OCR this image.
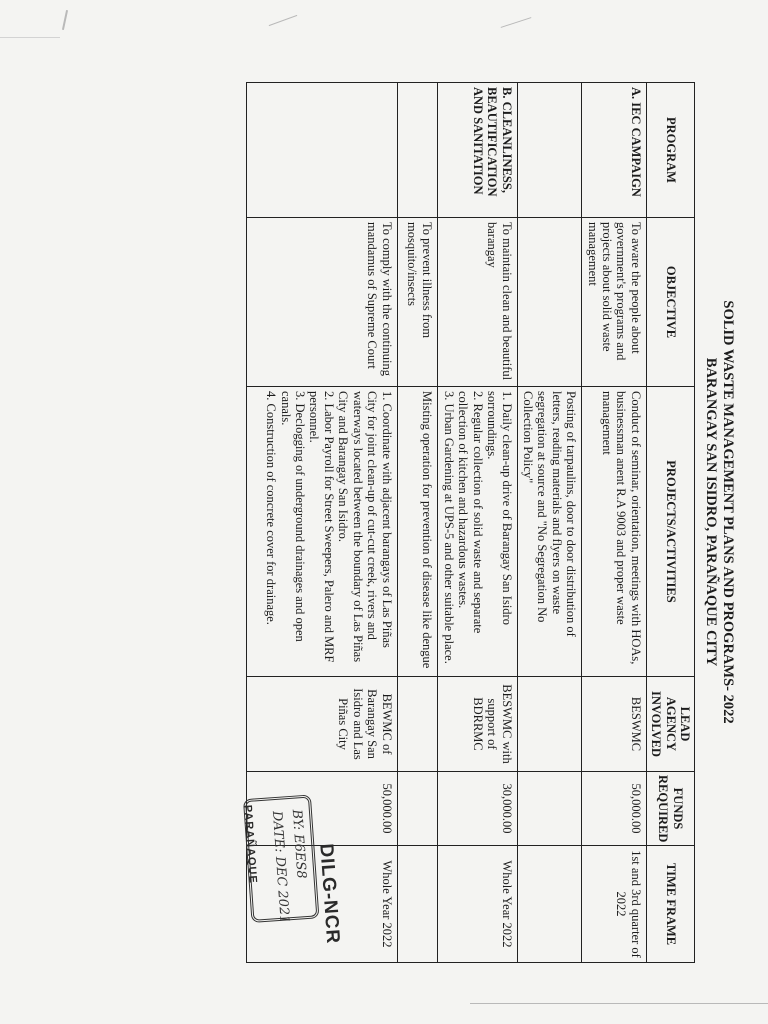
SOLID WASTE MANAGEMENT PLANS AND PROGRAMS- 2022
BARANGAY SAN ISIDRO, PARAÑAQUE CITY
PROGRAM	OBJECTIVE	PROJECTS/ACTIVITIES	LEAD AGENCY INVOLVED	FUNDS REQUIRED	TIME FRAME
A. IEC CAMPAIGN	To aware the people about government's programs and projects about solid waste management	Conduct of seminar, orientation, meetings with HOAs, businessman anent R.A 9003 and proper waste management	BESWMC	50,000.00	1st and 3rd quarter of 2022
		Posting of tarpaulins, door to door distribution of letters, reading materials and flyers on waste segregation at source and "No Segregation No Collection Policy"			
B. CLEANLINESS, BEAUTIFICATION AND SANITATION	To maintain clean and beautiful barangay	1. Daily clean-up drive of Barangay San Isidro sorroundings.
2. Regular collection of solid waste and separate collection of kitchen and hazardous wastes.
3. Urban Gardening at UPS-5 and other suitable place.	BESWMC with support of BDRRMC	30,000.00	Whole Year 2022
	To prevent illness from mosquito/insects	Misting operation for prevention of disease like dengue			
	To comply with the continuing mandamus of Supreme Court	1. Coordinate with adjacent barangays of Las Piñas City for joint clean-up of cut-cut creek, rivers and waterways located between the boundary of Las Piñas City and Barangay San Isidro.
2. Labor Payroll for Street Sweepers, Palero and MRF personnel.
3. Declogging of underground drainages and open canals.
4. Construction of concrete cover for drainage.	BEWMC of Barangay San Isidro and Las Piñas City	50,000.00	Whole Year 2022
DILG-NCR
BY: E6ES8
DATE: DEC 2021
PARAÑAQUE
